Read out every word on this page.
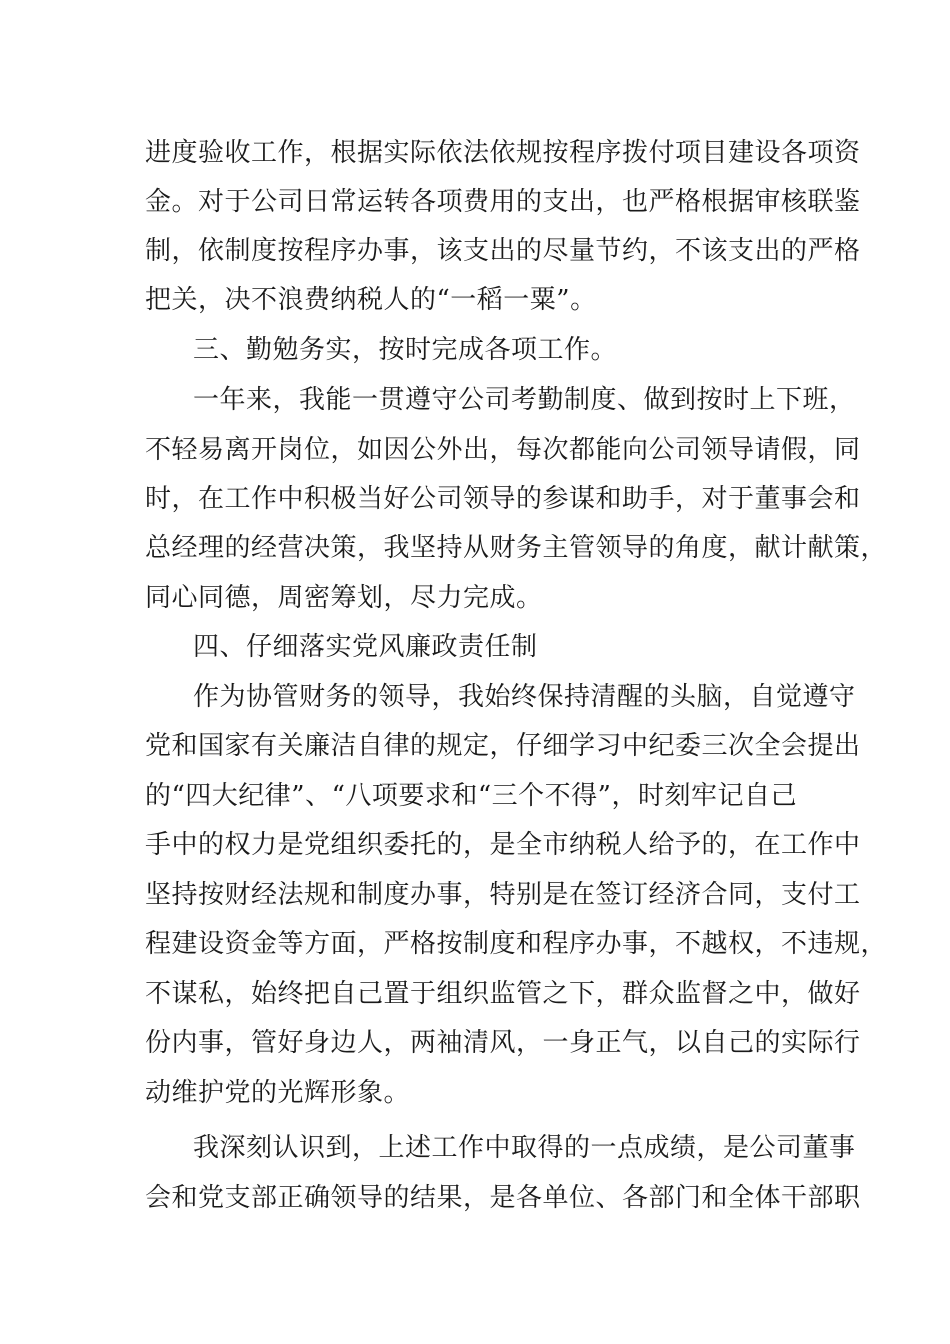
进度验收工作，根据实际依法依规按程序拨付项目建设各项资
金。对于公司日常运转各项费用的支出，也严格根据审核联鉴
制，依制度按程序办事，该支出的尽量节约，不该支出的严格
把关，决不浪费纳税人的“一稻一粟”。
三、勤勉务实，按时完成各项工作。
一年来，我能一贯遵守公司考勤制度、做到按时上下班，
不轻易离开岗位，如因公外出，每次都能向公司领导请假，同
时，在工作中积极当好公司领导的参谋和助手，对于董事会和
总经理的经营决策，我坚持从财务主管领导的角度，献计献策，
同心同德，周密筹划，尽力完成。
四、仔细落实党风廉政责任制
作为协管财务的领导，我始终保持清醒的头脑，自觉遵守
党和国家有关廉洁自律的规定，仔细学习中纪委三次全会提出
的“四大纪律”、“八项要求和“三个不得”，时刻牢记自己
手中的权力是党组织委托的，是全市纳税人给予的，在工作中
坚持按财经法规和制度办事，特别是在签订经济合同，支付工
程建设资金等方面，严格按制度和程序办事，不越权，不违规，
不谋私，始终把自己置于组织监管之下，群众监督之中，做好
份内事，管好身边人，两袖清风，一身正气，以自己的实际行
动维护党的光辉形象。
我深刻认识到，上述工作中取得的一点成绩，是公司董事
会和党支部正确领导的结果，是各单位、各部门和全体干部职
